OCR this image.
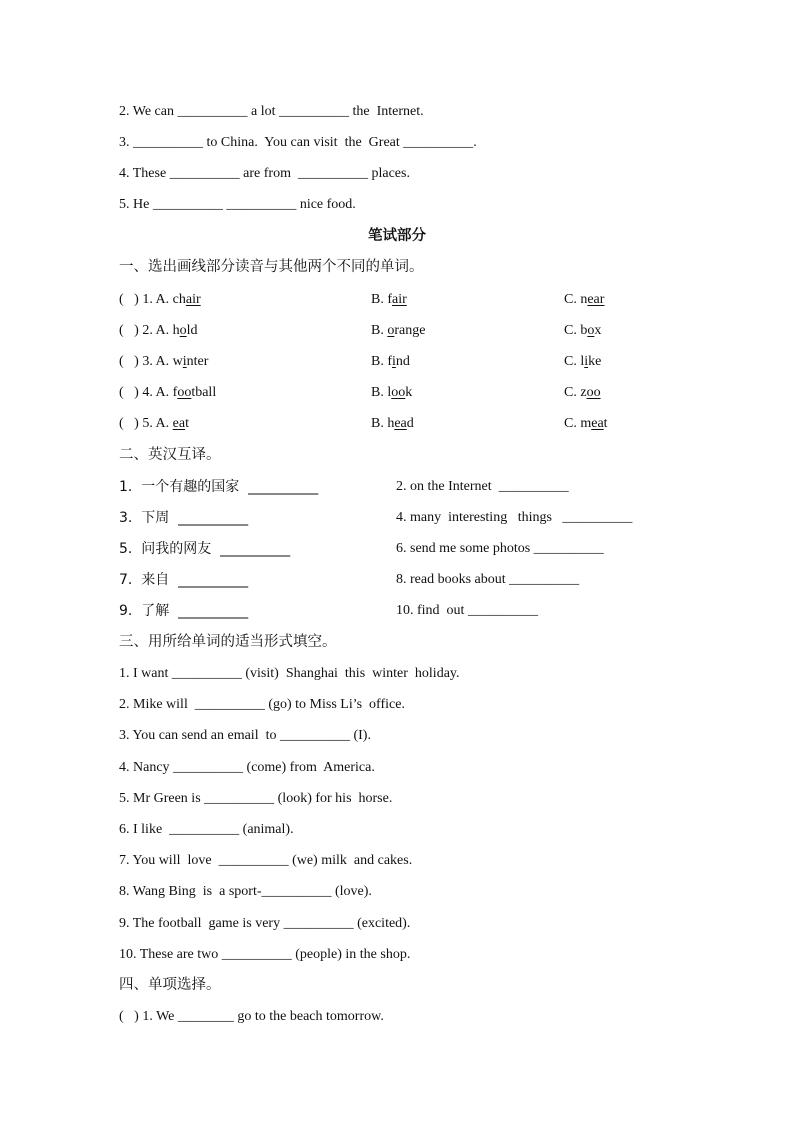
2. We can __________ a lot __________ the  Internet.
3. __________ to China.  You can visit  the  Great __________.
4. These __________ are from  __________ places.
5. He __________ __________ nice food.
笔试部分
一、选出画线部分读音与其他两个不同的单词。
(   ) 1. A. chair	B. fair	C. near
(   ) 2. A. hold	B. orange	C. box
(   ) 3. A. winter	B. find	C. like
(   ) 4. A. football	B. look	C. zoo
(   ) 5. A. eat	B. head	C. meat
二、英汉互译。
1.  一个有趣的国家  __________	2. on the Internet  __________
3.  下周  __________	4. many  interesting   things   __________
5.  问我的网友  __________	6. send me some photos __________
7.  来自  __________	8. read books about __________
9.  了解  __________	10. find  out __________
三、用所给单词的适当形式填空。
1. I want __________ (visit)  Shanghai  this  winter  holiday.
2. Mike will  __________ (go) to Miss Li’s  office.
3. You can send an email  to __________ (I).
4. Nancy __________ (come) from  America.
5. Mr Green is __________ (look) for his  horse.
6. I like  __________ (animal).
7. You will  love  __________ (we) milk  and cakes.
8. Wang Bing  is  a sport-__________ (love).
9. The football  game is very __________ (excited).
10. These are two __________ (people) in the shop.
四、单项选择。
(   ) 1. We ________ go to the beach tomorrow.
